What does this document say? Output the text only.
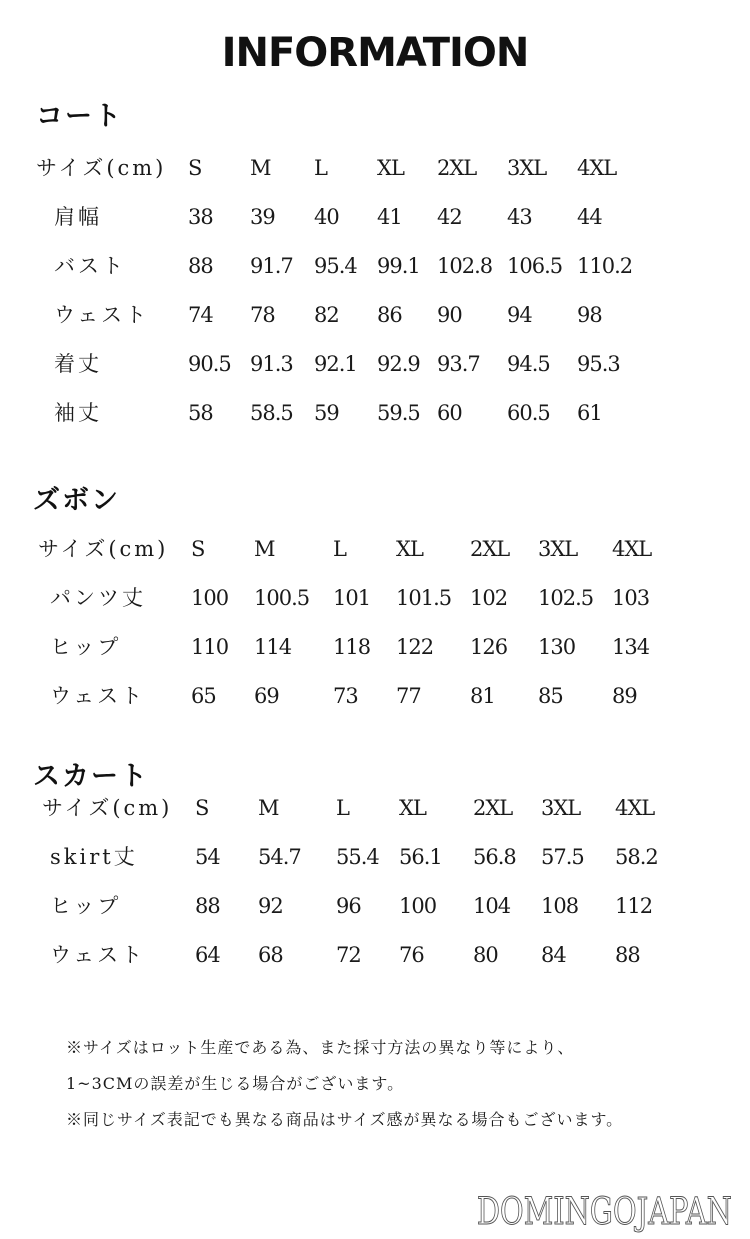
INFORMATION
コート
サイズ(cm) S M L XL 2XL 3XL 4XL
肩幅	38 39 40 41 42 43 44
バスト	88 91.7 95.4 99.1 102.8 106.5 110.2
ウェスト 74 78 82 86 90 94 98
着丈	90.5 91.3 92.1 92.9 93.7 94.5 95.3
袖丈	58 58.5 59 59.5 60 60.5 61
ズボン
サイズ(cm) S M	L XL 2XL 3XL 4XL
パンツ丈 100 100.5 101 101.5 102 102.5 103
ヒップ	110 114 118 122 126 130 134
ウェスト 65 69	73 77 81 85 89
スカート
サイズ(cm) S M	L XL 2XL 3XL 4XL
skirt丈	54 54.7 55.4 56.1 56.8 57.5 58.2
ヒップ	88 92	96 100 104 108 112
ウェスト 64 68	72 76 80 84 88
※サイズはロット生産である為、また採寸方法の異なり等により、
1~3CMの誤差が生じる場合がございます。
※同じサイズ表記でも異なる商品はサイズ感が異なる場合もございます。
DOMINGOJAPAN
